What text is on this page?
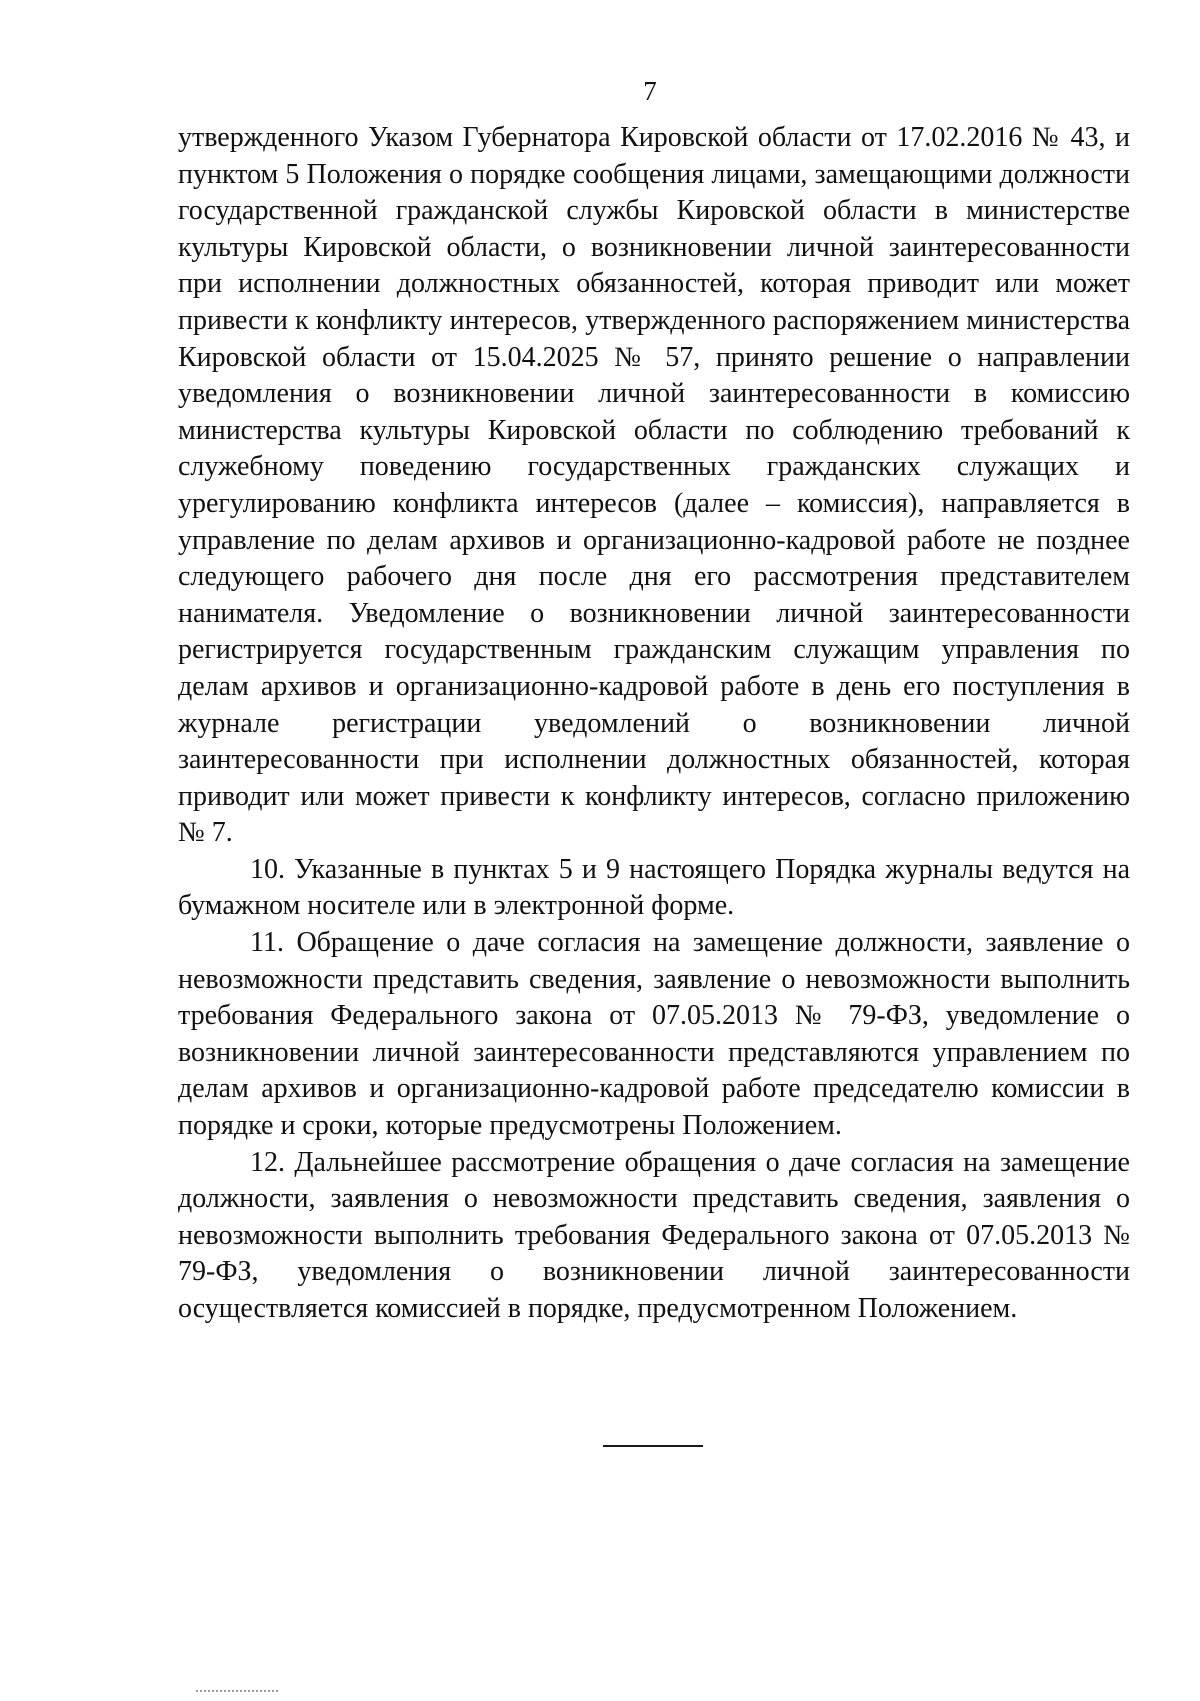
7

утвержденного Указом Губернатора Кировской области от 17.02.2016 № 43, и пунктом 5 Положения о порядке сообщения лицами, замещающими должности государственной гражданской службы Кировской области в министерстве культуры Кировской области, о возникновении личной заинтересованности при исполнении должностных обязанностей, которая приводит или может привести к конфликту интересов, утвержденного распоряжением министерства Кировской области от 15.04.2025 № 57, принято решение о направлении уведомления о возникновении личной заинтересованности в комиссию министерства культуры Кировской области по соблюдению требований к служебному поведению государственных гражданских служащих и урегулированию конфликта интересов (далее – комиссия), направляется в управление по делам архивов и организационно-кадровой работе не позднее следующего рабочего дня после дня его рассмотрения представителем нанимателя. Уведомление о возникновении личной заинтересованности регистрируется государственным гражданским служащим управления по делам архивов и организационно-кадровой работе в день его поступления в журнале регистрации уведомлений о возникновении личной заинтересованности при исполнении должностных обязанностей, которая приводит или может привести к конфликту интересов, согласно приложению № 7.

10. Указанные в пунктах 5 и 9 настоящего Порядка журналы ведутся на бумажном носителе или в электронной форме.

11. Обращение о даче согласия на замещение должности, заявление о невозможности представить сведения, заявление о невозможности выполнить требования Федерального закона от 07.05.2013 № 79-ФЗ, уведомление о возникновении личной заинтересованности представляются управлением по делам архивов и организационно-кадровой работе председателю комиссии в порядке и сроки, которые предусмотрены Положением.

12. Дальнейшее рассмотрение обращения о даче согласия на замещение должности, заявления о невозможности представить сведения, заявления о невозможности выполнить требования Федерального закона от 07.05.2013 № 79-ФЗ, уведомления о возникновении личной заинтересованности осуществляется комиссией в порядке, предусмотренном Положением.
